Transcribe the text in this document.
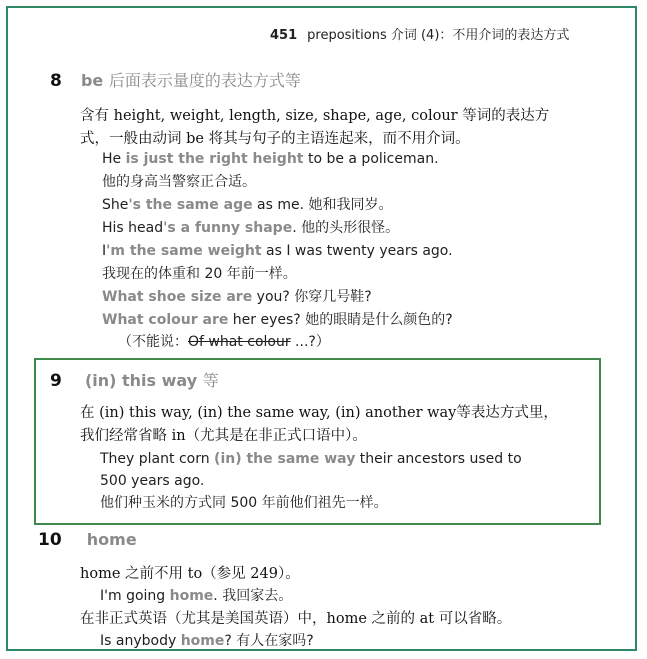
451 prepositions 介词 (4)：不用介词的表达方式
8 be 后面表示量度的表达方式等
含有 height, weight, length, size, shape, age, colour 等词的表达方
式，一般由动词 be 将其与句子的主语连起来，而不用介词。
He is just the right height to be a policeman.
他的身高当警察正合适。
She's the same age as me. 她和我同岁。
His head's a funny shape. 他的头形很怪。
I'm the same weight as I was twenty years ago.
我现在的体重和 20 年前一样。
What shoe size are you? 你穿几号鞋?
What colour are her eyes? 她的眼睛是什么颜色的?
（不能说：Of what colour ...?）
9 (in) this way 等
在 (in) this way, (in) the same way, (in) another way等表达方式里，
我们经常省略 in（尤其是在非正式口语中）。
They plant corn (in) the same way their ancestors used to
500 years ago.
他们种玉米的方式同 500 年前他们祖先一样。
10 home
home 之前不用 to（参见 249）。
I'm going home. 我回家去。
在非正式英语（尤其是美国英语）中，home 之前的 at 可以省略。
Is anybody home? 有人在家吗?
